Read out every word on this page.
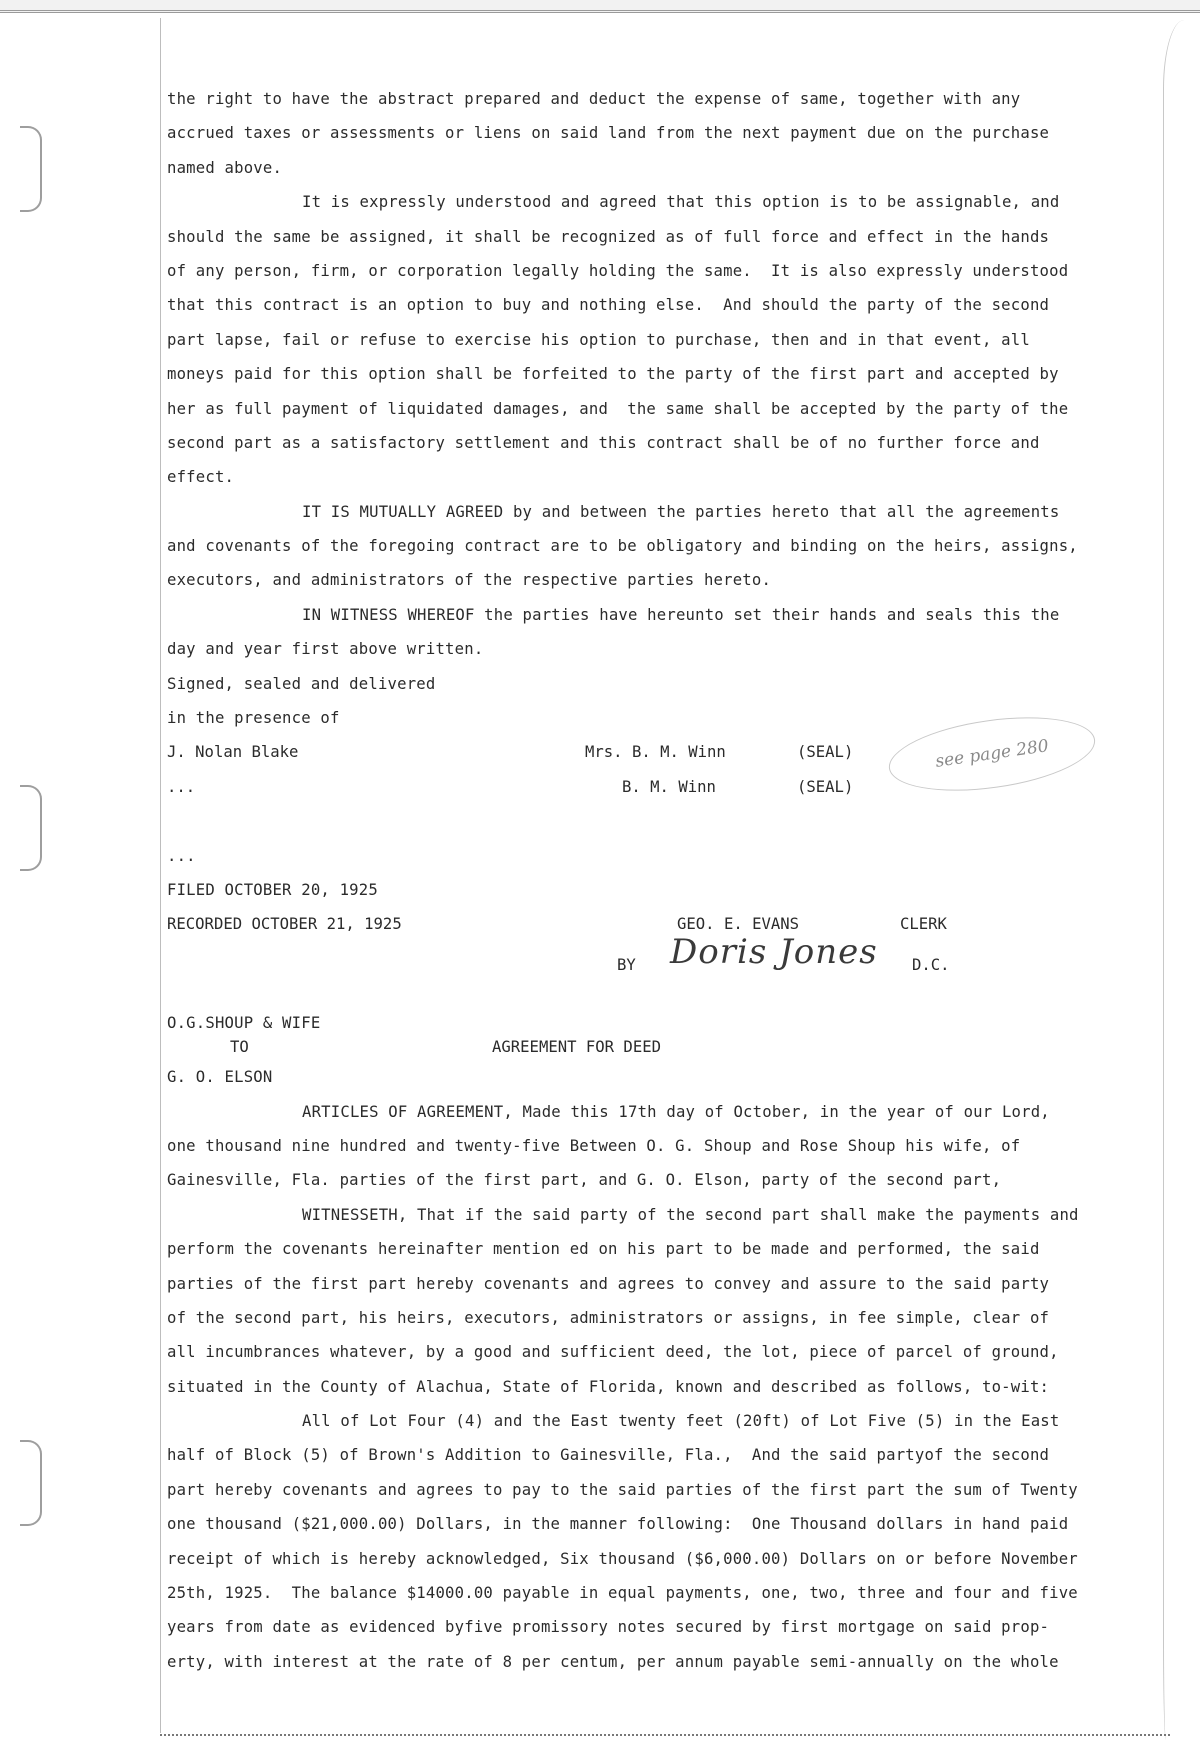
the right to have the abstract prepared and deduct the expense of same, together with any
accrued taxes or assessments or liens on said land from the next payment due on the purchase
named above.
It is expressly understood and agreed that this option is to be assignable, and
should the same be assigned, it shall be recognized as of full force and effect in the hands
of any person, firm, or corporation legally holding the same.  It is also expressly understood
that this contract is an option to buy and nothing else.  And should the party of the second
part lapse, fail or refuse to exercise his option to purchase, then and in that event, all
moneys paid for this option shall be forfeited to the party of the first part and accepted by
her as full payment of liquidated damages, and  the same shall be accepted by the party of the
second part as a satisfactory settlement and this contract shall be of no further force and
effect.
IT IS MUTUALLY AGREED by and between the parties hereto that all the agreements
and covenants of the foregoing contract are to be obligatory and binding on the heirs, assigns,
executors, and administrators of the respective parties hereto.
IN WITNESS WHEREOF the parties have hereunto set their hands and seals this the
day and year first above written.
Signed, sealed and delivered
in the presence of

J. Nolan Blake

	Mrs. B. M. Winn

	(SEAL)

...

	B. M. Winn

	(SEAL)

...
FILED OCTOBER 20, 1925

RECORDED OCTOBER 21, 1925

	GEO. E. EVANS

	CLERK

BY

	D.C.

O.G.SHOUP & WIFE

TO

	AGREEMENT FOR DEED

G. O. ELSON
ARTICLES OF AGREEMENT, Made this 17th day of October, in the year of our Lord,
one thousand nine hundred and twenty-five Between O. G. Shoup and Rose Shoup his wife, of
Gainesville, Fla. parties of the first part, and G. O. Elson, party of the second part,
WITNESSETH, That if the said party of the second part shall make the payments and
perform the covenants hereinafter mention ed on his part to be made and performed, the said
parties of the first part hereby covenants and agrees to convey and assure to the said party
of the second part, his heirs, executors, administrators or assigns, in fee simple, clear of
all incumbrances whatever, by a good and sufficient deed, the lot, piece of parcel of ground,
situated in the County of Alachua, State of Florida, known and described as follows, to-wit:
All of Lot Four (4) and the East twenty feet (20ft) of Lot Five (5) in the East
half of Block (5) of Brown's Addition to Gainesville, Fla.,  And the said partyof the second
part hereby covenants and agrees to pay to the said parties of the first part the sum of Twenty
one thousand ($21,000.00) Dollars, in the manner following:  One Thousand dollars in hand paid
receipt of which is hereby acknowledged, Six thousand ($6,000.00) Dollars on or before November
25th, 1925.  The balance $14000.00 payable in equal payments, one, two, three and four and five
years from date as evidenced byfive promissory notes secured by first mortgage on said prop-
erty, with interest at the rate of 8 per centum, per annum payable semi-annually on the whole
see page 280
Doris Jones
